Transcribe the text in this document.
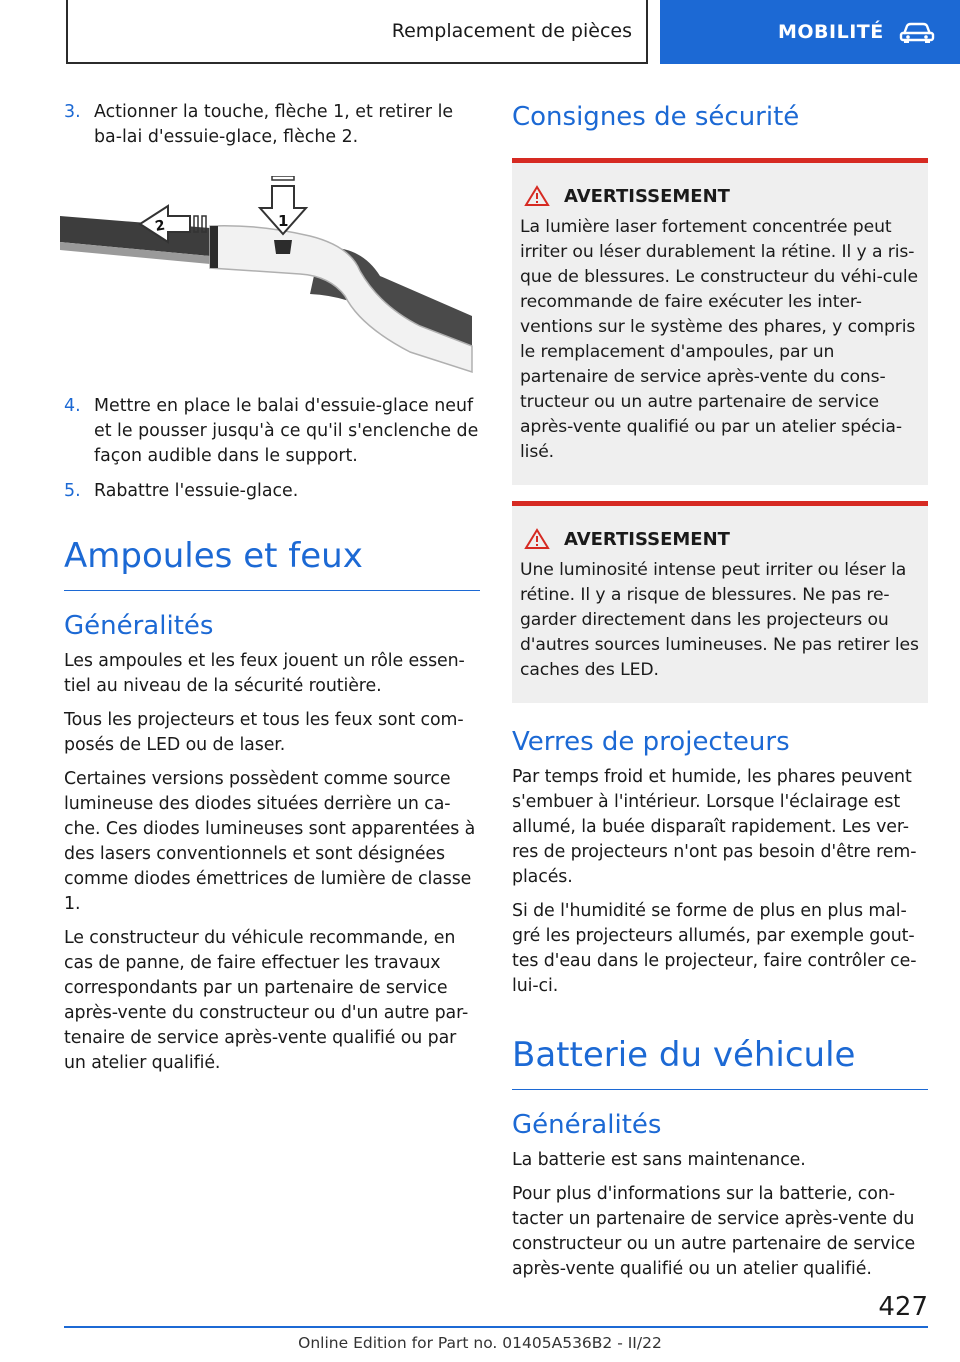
Remplacement de pièces	MOBILITÉ
3. Actionner la touche, flèche 1, et retirer le ba-lai d'essuie-glace, flèche 2.
1
2
4. Mettre en place le balai d'essuie-glace neuf et le pousser jusqu'à ce qu'il s'enclenche de façon audible dans le support.
5. Rabattre l'essuie-glace.
Ampoules et feux
Généralités

Les ampoules et les feux jouent un rôle essen-tiel au niveau de la sécurité routière.

Tous les projecteurs et tous les feux sont com-posés de LED ou de laser.

Certaines versions possèdent comme source lumineuse des diodes situées derrière un ca-che. Ces diodes lumineuses sont apparentées à des lasers conventionnels et sont désignées comme diodes émettrices de lumière de classe 1.

Le constructeur du véhicule recommande, en cas de panne, de faire effectuer les travaux correspondants par un partenaire de service après-vente du constructeur ou d'un autre par-tenaire de service après-vente qualifié ou par un atelier qualifié.

Consignes de sécurité
AVERTISSEMENT

La lumière laser fortement concentrée peut irriter ou léser durablement la rétine. Il y a ris-que de blessures. Le constructeur du véhi-cule recommande de faire exécuter les inter-ventions sur le système des phares, y compris le remplacement d'ampoules, par un partenaire de service après-vente du cons-tructeur ou un autre partenaire de service après-vente qualifié ou par un atelier spécia-lisé.

AVERTISSEMENT

Une luminosité intense peut irriter ou léser la rétine. Il y a risque de blessures. Ne pas re-garder directement dans les projecteurs ou d'autres sources lumineuses. Ne pas retirer les caches des LED.

Verres de projecteurs

Par temps froid et humide, les phares peuvent s'embuer à l'intérieur. Lorsque l'éclairage est allumé, la buée disparaît rapidement. Les ver-res de projecteurs n'ont pas besoin d'être rem-placés.

Si de l'humidité se forme de plus en plus mal-gré les projecteurs allumés, par exemple gout-tes d'eau dans le projecteur, faire contrôler ce-lui-ci.

Batterie du véhicule
Généralités

La batterie est sans maintenance.

Pour plus d'informations sur la batterie, con-tacter un partenaire de service après-vente du constructeur ou un autre partenaire de service après-vente qualifié ou un atelier qualifié.

427
Online Edition for Part no. 01405A536B2 - II/22
